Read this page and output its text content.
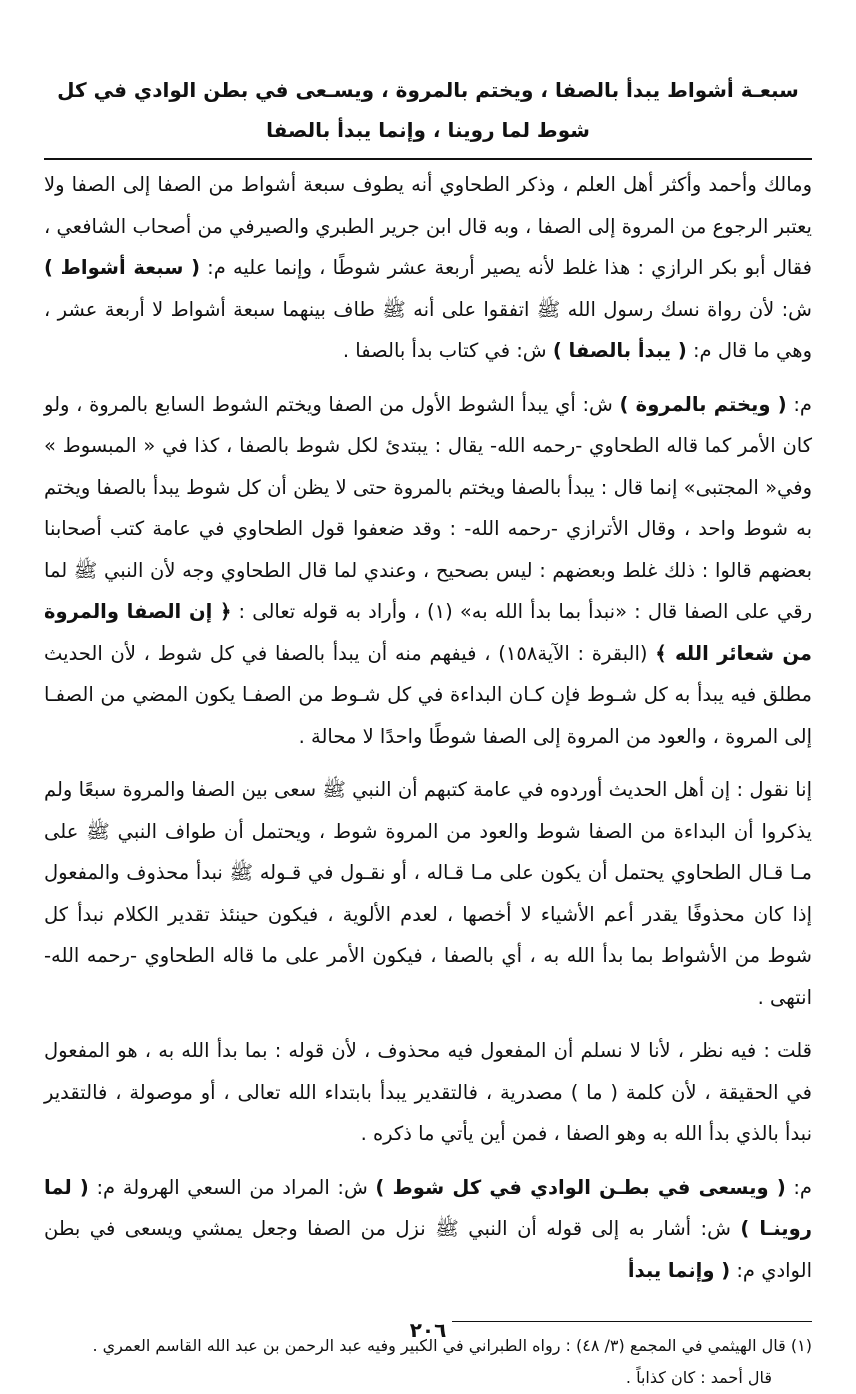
سبعـة أشواط يبدأ بالصفا ، ويختم بالمروة ، ويسـعى في بطن الوادي في كل شوط لما روينا ، وإنما يبدأ بالصفا

ومالك وأحمد وأكثر أهل العلم ، وذكر الطحاوي أنه يطوف سبعة أشواط من الصفا إلى الصفا ولا يعتبر الرجوع من المروة إلى الصفا ، وبه قال ابن جرير الطبري والصيرفي من أصحاب الشافعي ، فقال أبو بكر الرازي : هذا غلط لأنه يصير أربعة عشر شوطًا ، وإنما عليه م: ( سبعة أشواط ) ش: لأن رواة نسك رسول الله ﷺ اتفقوا على أنه ﷺ طاف بينهما سبعة أشواط لا أربعة عشر ، وهي ما قال م: ( يبدأ بالصفا ) ش: في كتاب بدأ بالصفا .

م: ( ويختم بالمروة ) ش: أي يبدأ الشوط الأول من الصفا ويختم الشوط السابع بالمروة ، ولو كان الأمر كما قاله الطحاوي -رحمه الله- يقال : يبتدئ لكل شوط بالصفا ، كذا في « المبسوط » وفي« المجتبى» إنما قال : يبدأ بالصفا ويختم بالمروة حتى لا يظن أن كل شوط يبدأ بالصفا ويختم به شوط واحد ، وقال الأترازي -رحمه الله- : وقد ضعفوا قول الطحاوي في عامة كتب أصحابنا بعضهم قالوا : ذلك غلط وبعضهم : ليس بصحيح ، وعندي لما قال الطحاوي وجه لأن النبي ﷺ لما رقي على الصفا قال : «نبدأ بما بدأ الله به» (١) ، وأراد به قوله تعالى : ﴿ إن الصفا والمروة من شعائر الله ﴾ (البقرة : الآية١٥٨) ، فيفهم منه أن يبدأ بالصفا في كل شوط ، لأن الحديث مطلق فيه يبدأ به كل شـوط فإن كـان البداءة في كل شـوط من الصفـا يكون المضي من الصفـا إلى المروة ، والعود من المروة إلى الصفا شوطًا واحدًا لا محالة .

إنا نقول : إن أهل الحديث أوردوه في عامة كتبهم أن النبي ﷺ سعى بين الصفا والمروة سبعًا ولم يذكروا أن البداءة من الصفا شوط والعود من المروة شوط ، ويحتمل أن طواف النبي ﷺ على مـا قـال الطحاوي يحتمل أن يكون على مـا قـاله ، أو نقـول في قـوله ﷺ نبدأ محذوف والمفعول إذا كان محذوفًا يقدر أعم الأشياء لا أخصها ، لعدم الألوية ، فيكون حينئذ تقدير الكلام نبدأ كل شوط من الأشواط بما بدأ الله به ، أي بالصفا ، فيكون الأمر على ما قاله الطحاوي -رحمه الله- انتهى .

قلت : فيه نظر ، لأنا لا نسلم أن المفعول فيه محذوف ، لأن قوله : بما بدأ الله به ، هو المفعول في الحقيقة ، لأن كلمة ( ما ) مصدرية ، فالتقدير يبدأ بابتداء الله تعالى ، أو موصولة ، فالتقدير نبدأ بالذي بدأ الله به وهو الصفا ، فمن أين يأتي ما ذكره .

م: ( ويسعى في بطـن الوادي في كل شوط ) ش: المراد من السعي الهرولة م: ( لما روينـا ) ش: أشار به إلى قوله أن النبي ﷺ نزل من الصفا وجعل يمشي ويسعى في بطن الوادي م: ( وإنما يبدأ

(١) قال الهيثمي في المجمع (٣/ ٤٨) : رواه الطبراني في الكبير وفيه عبد الرحمن بن عبد الله القاسم العمري .

قال أحمد : كان كذاباً .

٢٠٦
